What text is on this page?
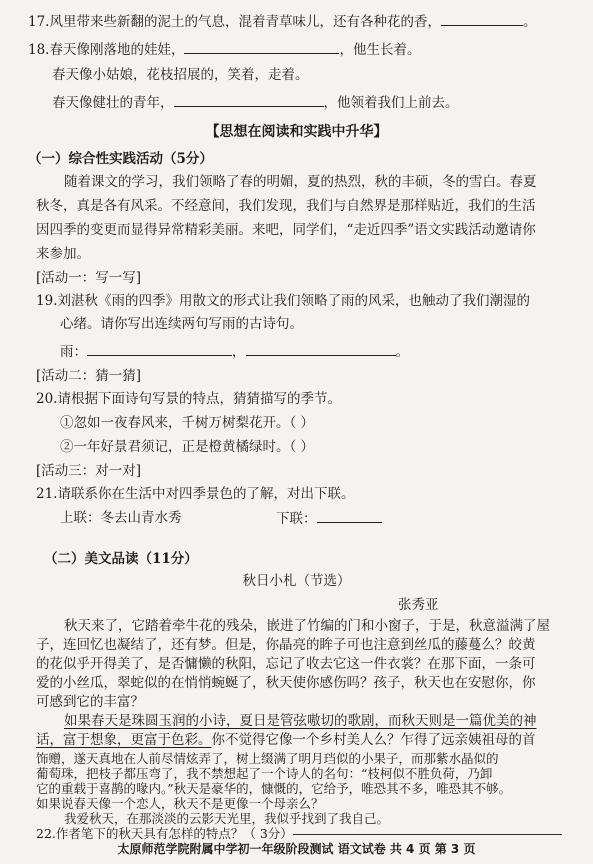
17.风里带来些新翻的泥土的气息，混着青草味儿，还有各种花的香，	。
18.春天像刚落地的娃娃，	，他生长着。
春天像小姑娘，花枝招展的，笑着，走着。
春天像健壮的青年，	，他领着我们上前去。
【思想在阅读和实践中升华】
（一）综合性实践活动（5分）
随着课文的学习，我们领略了春的明媚，夏的热烈，秋的丰硕，冬的雪白。春夏
秋冬，真是各有风采。不经意间，我们发现，我们与自然界是那样贴近，我们的生活
因四季的变更而显得异常精彩美丽。来吧，同学们，“走近四季”语文实践活动邀请你
来参加。
[活动一：写一写]
19.刘湛秋《雨的四季》用散文的形式让我们领略了雨的风采，也触动了我们潮湿的
心绪。请你写出连续两句写雨的古诗句。
雨：	，	。
[活动二：猜一猜]
20.请根据下面诗句写景的特点，猜猜描写的季节。
①忽如一夜春风来，千树万树梨花开。（ ）
②一年好景君须记，正是橙黄橘绿时。（ ）
[活动三：对一对]
21.请联系你在生活中对四季景色的了解，对出下联。
上联：冬去山青水秀	下联：
（二）美文品读（11分）
秋日小札（节选）
张秀亚
秋天来了，它踏着牵牛花的残朵，嵌进了竹编的门和小窗子，于是，秋意溢满了屋
子，连回忆也凝结了，还有梦。但是，你晶亮的眸子可也注意到丝瓜的藤蔓么？皎黄
的花似乎开得美了，是否慵懒的秋阳，忘记了收去它这一件衣裳？在那下面，一条可
爱的小丝瓜，翠蛇似的在悄悄蜿蜒了，秋天使你感伤吗？孩子，秋天也在安慰你，你
可感到它的丰富？
如果春天是珠圆玉润的小诗，夏日是管弦嗷切的歌剧，而秋天则是一篇优美的神
话，富于想象，更富于色彩。你不觉得它像一个乡村美人么？乍得了远亲姨祖母的首
太原师范学院附属中学初一年级阶段测试 语文试卷 共 4 页 第 3 页
饰赠，遂天真地在人前尽情炫弄了，树上缀满了明月珰似的小果子，而那紫水晶似的
葡萄珠，把枝子都压弯了，我不禁想起了一个诗人的名句：“枝柯似不胜负荷，乃卸
它的重载于喜鹊的喙内。”秋天是豪华的，慷慨的，它给予，唯恐其不多，唯恐其不够。
如果说春天像一个恋人，秋天不是更像一个母亲么？
我爱秋天，在那淡淡的云影天光里，我似乎找到了我自己。
22.作者笔下的秋天具有怎样的特点？（ 3分）
